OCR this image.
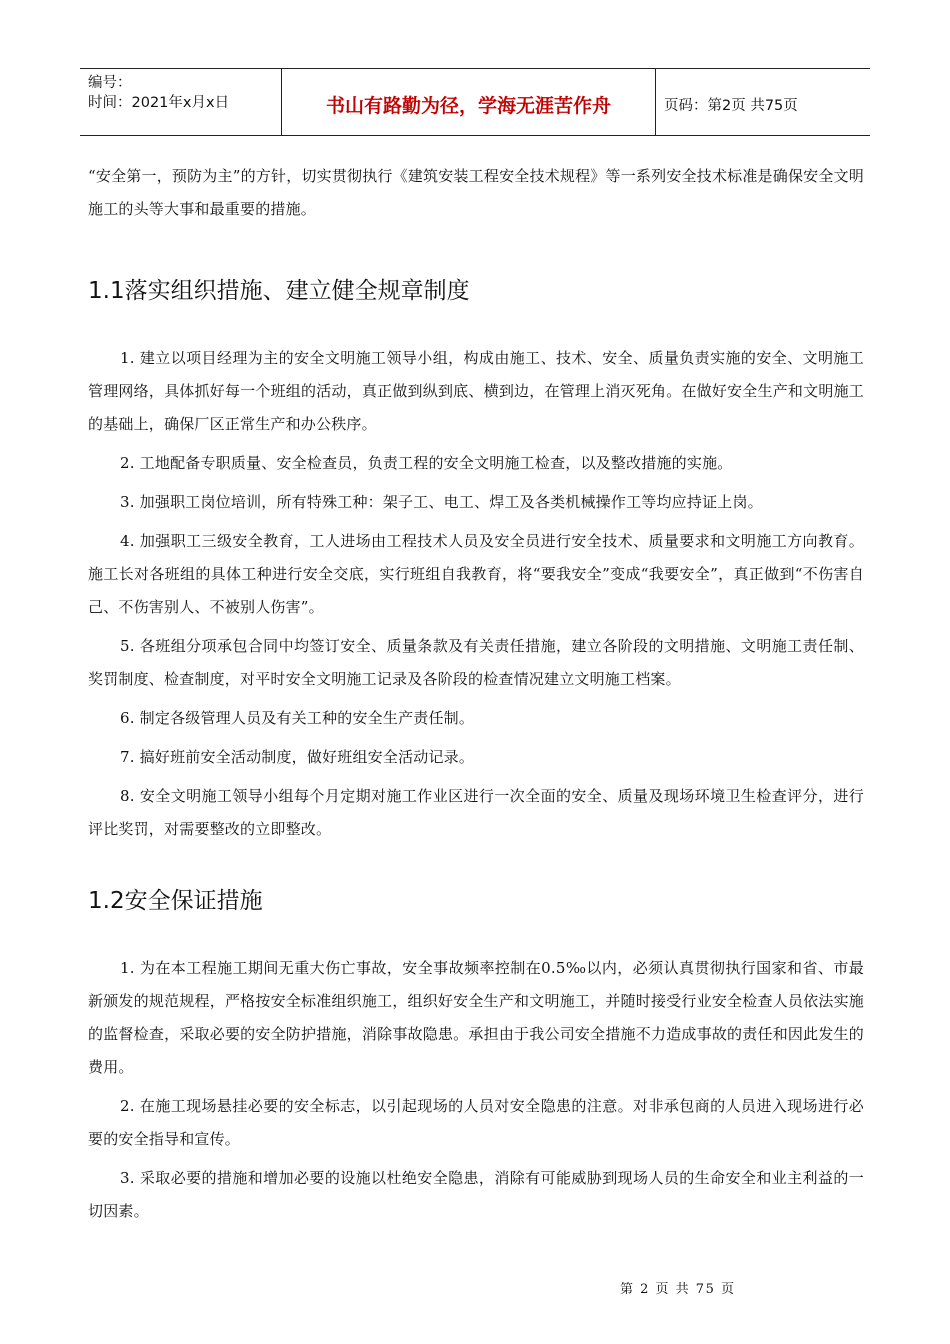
编号：
时间：2021年x月x日	书山有路勤为径，学海无涯苦作舟	页码：第2页 共75页

“安全第一，预防为主”的方针，切实贯彻执行《建筑安装工程安全技术规程》等一系列安全技术标准是确保安全文明施工的头等大事和最重要的措施。

1.1落实组织措施、建立健全规章制度

1. 建立以项目经理为主的安全文明施工领导小组，构成由施工、技术、安全、质量负责实施的安全、文明施工管理网络，具体抓好每一个班组的活动，真正做到纵到底、横到边，在管理上消灭死角。在做好安全生产和文明施工的基础上，确保厂区正常生产和办公秩序。

2. 工地配备专职质量、安全检查员，负责工程的安全文明施工检查，以及整改措施的实施。

3. 加强职工岗位培训，所有特殊工种：架子工、电工、焊工及各类机械操作工等均应持证上岗。

4. 加强职工三级安全教育，工人进场由工程技术人员及安全员进行安全技术、质量要求和文明施工方向教育。施工长对各班组的具体工种进行安全交底，实行班组自我教育，将“要我安全”变成“我要安全”，真正做到“不伤害自己、不伤害别人、不被别人伤害”。

5. 各班组分项承包合同中均签订安全、质量条款及有关责任措施，建立各阶段的文明措施、文明施工责任制、奖罚制度、检查制度，对平时安全文明施工记录及各阶段的检查情况建立文明施工档案。

6. 制定各级管理人员及有关工种的安全生产责任制。

7. 搞好班前安全活动制度，做好班组安全活动记录。

8. 安全文明施工领导小组每个月定期对施工作业区进行一次全面的安全、质量及现场环境卫生检查评分，进行评比奖罚，对需要整改的立即整改。

1.2安全保证措施

1. 为在本工程施工期间无重大伤亡事故，安全事故频率控制在0.5‰以内，必须认真贯彻执行国家和省、市最新颁发的规范规程，严格按安全标准组织施工，组织好安全生产和文明施工，并随时接受行业安全检查人员依法实施的监督检查，采取必要的安全防护措施，消除事故隐患。承担由于我公司安全措施不力造成事故的责任和因此发生的费用。

2. 在施工现场悬挂必要的安全标志，以引起现场的人员对安全隐患的注意。对非承包商的人员进入现场进行必要的安全指导和宣传。

3. 采取必要的措施和增加必要的设施以杜绝安全隐患，消除有可能威胁到现场人员的生命安全和业主利益的一切因素。

第 2 页 共 75 页
